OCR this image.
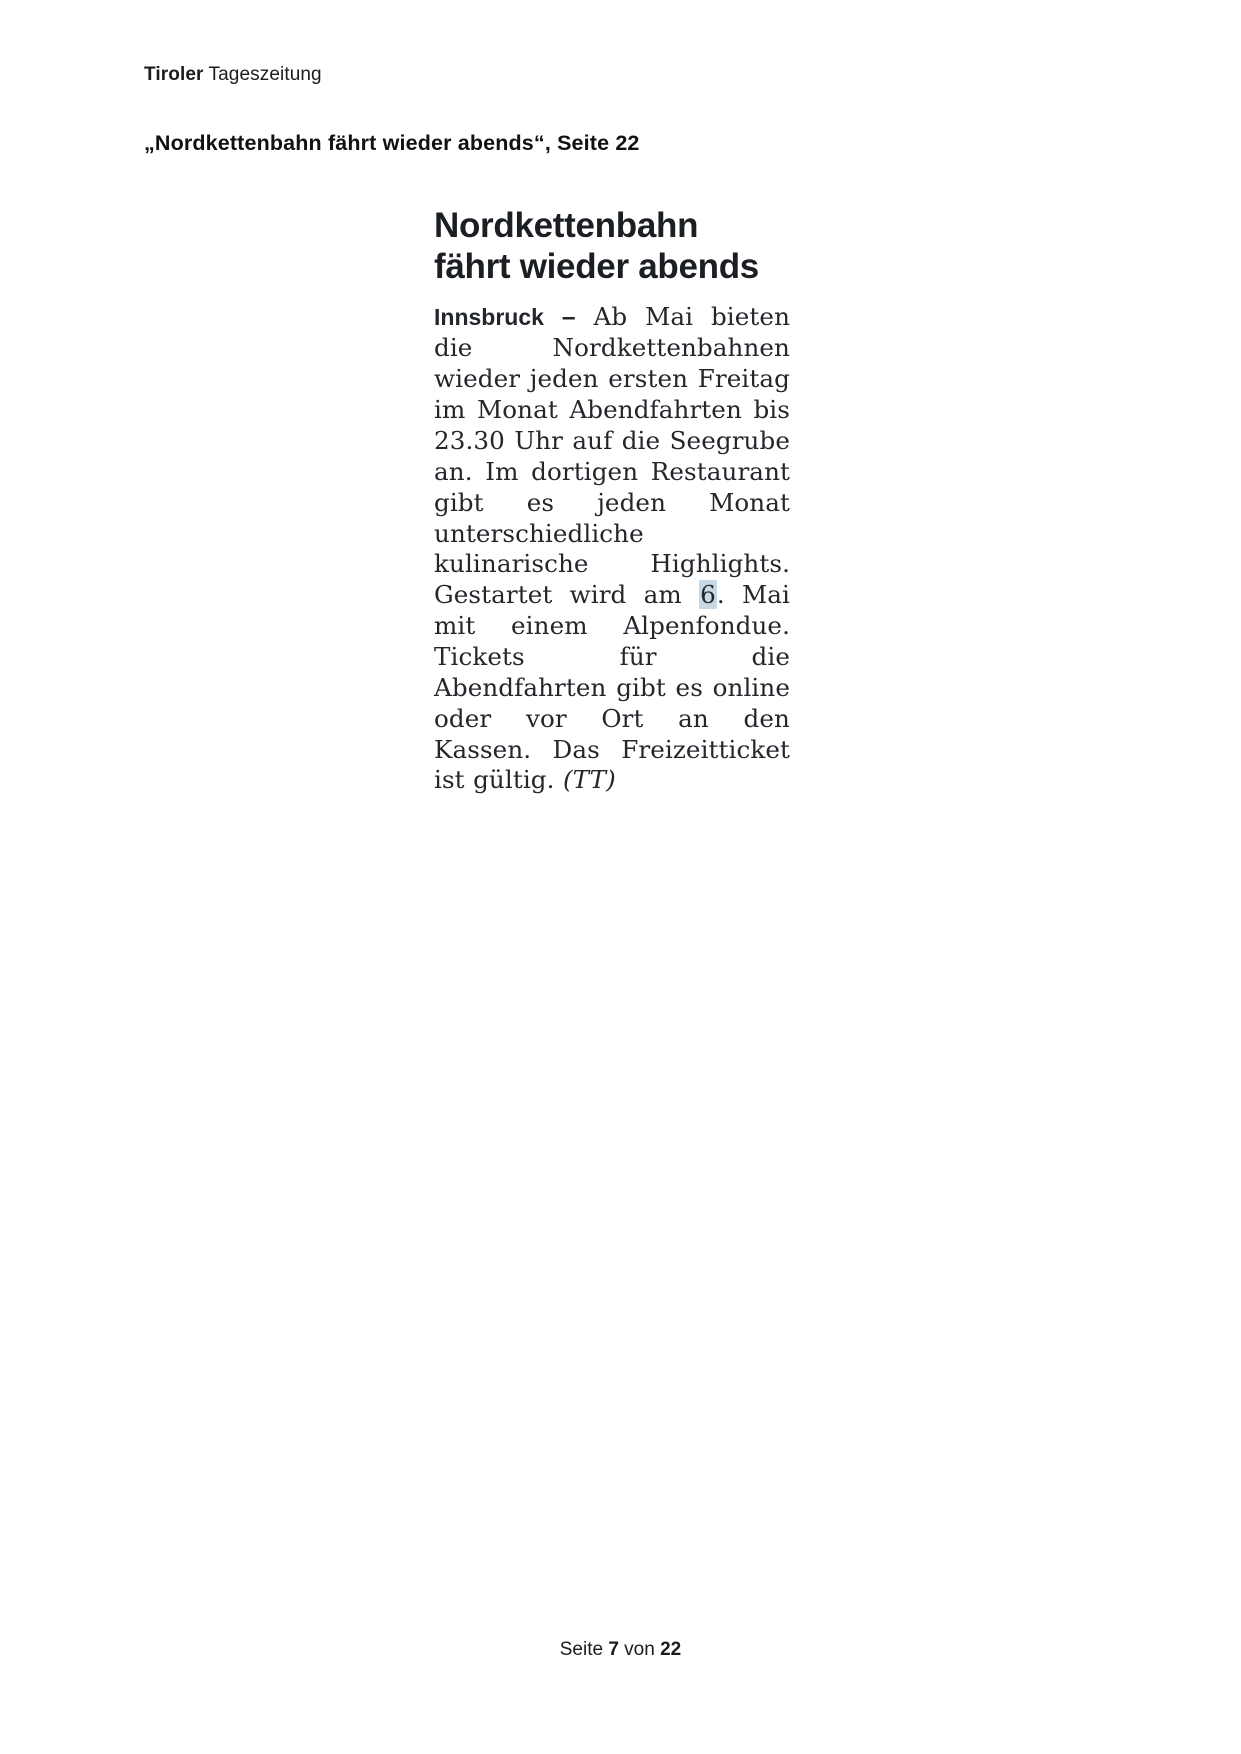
Tiroler Tageszeitung
„Nordkettenbahn fährt wieder abends“, Seite 22
Nordkettenbahn
fährt wieder abends
Innsbruck – Ab Mai bieten die Nordkettenbahnen wieder jeden ersten Freitag im Monat Abendfahrten bis 23.30 Uhr auf die Seegrube an. Im dortigen Restaurant gibt es jeden Monat unterschiedliche kulinarische Highlights. Gestartet wird am 6. Mai mit einem Alpenfondue. Tickets für die Abendfahrten gibt es online oder vor Ort an den Kassen. Das Freizeitticket ist gültig. (TT)
Seite 7 von 22
